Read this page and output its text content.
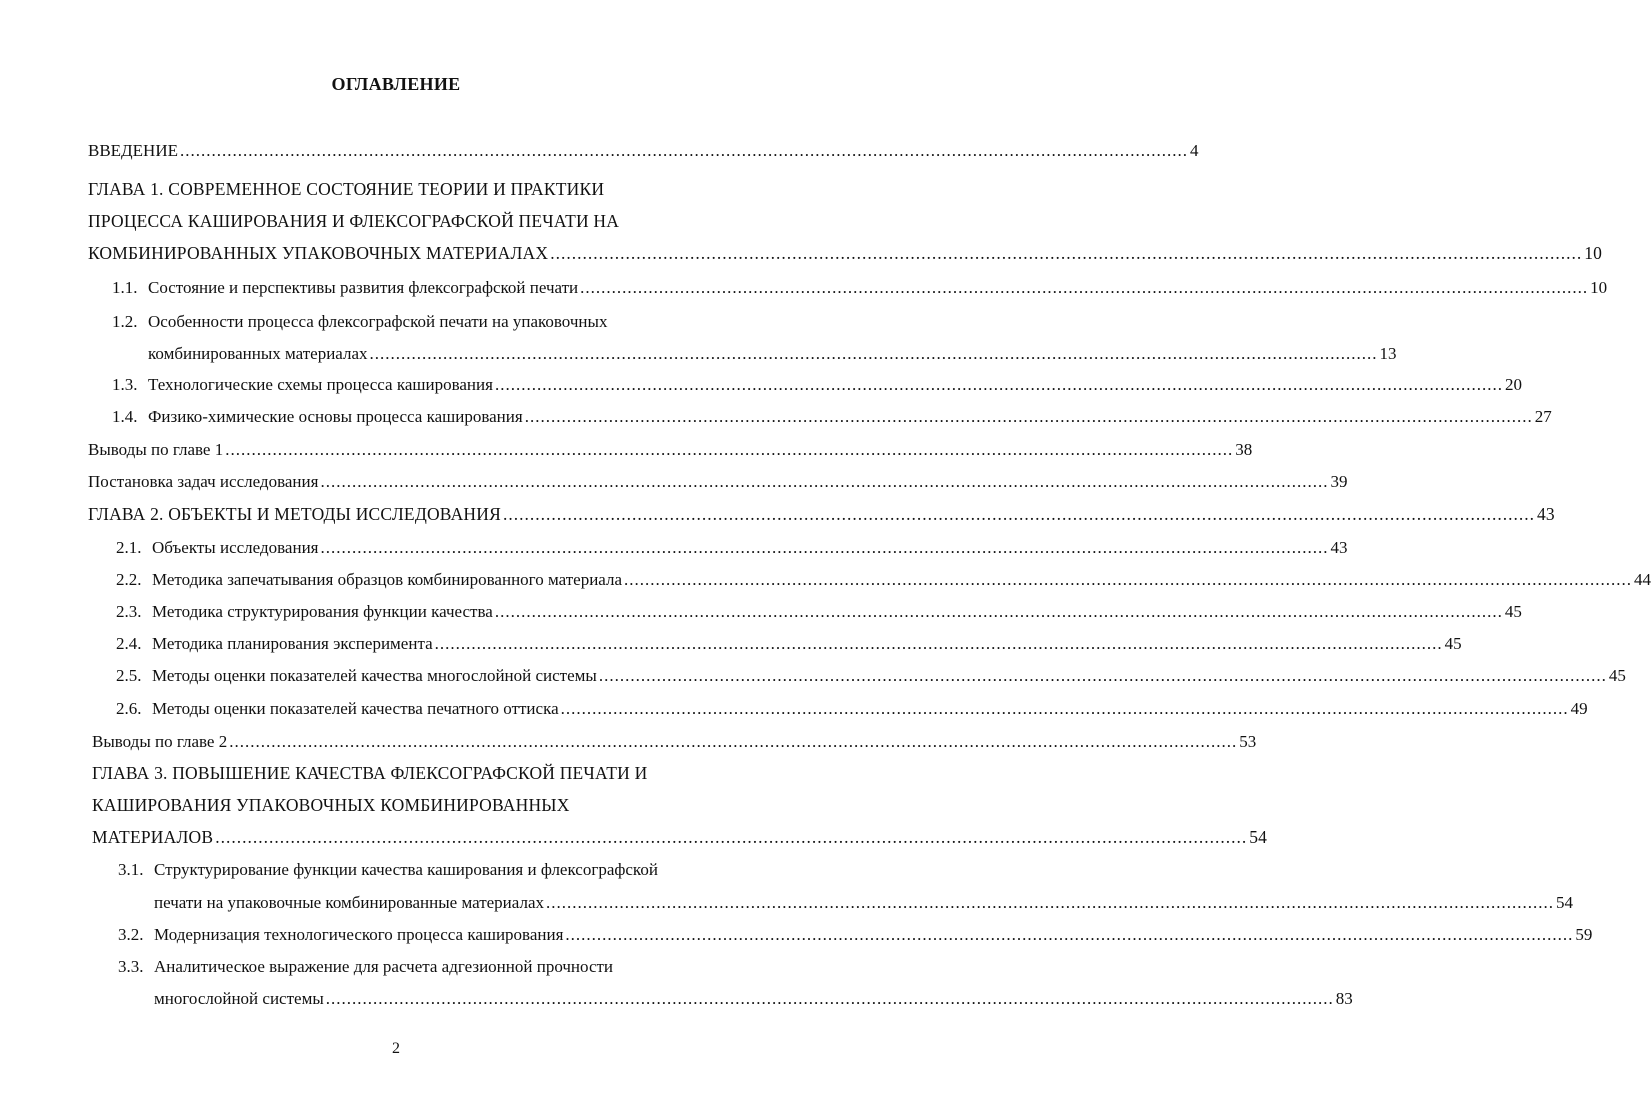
ОГЛАВЛЕНИЕ
ВВЕДЕНИЕ .....	4
ГЛАВА 1. СОВРЕМЕННОЕ СОСТОЯНИЕ ТЕОРИИ И ПРАКТИКИ
ПРОЦЕССА КАШИРОВАНИЯ И ФЛЕКСОГРАФСКОЙ ПЕЧАТИ НА
КОМБИНИРОВАННЫХ УПАКОВОЧНЫХ МАТЕРИАЛАХ .....	10
1.1. Состояние и перспективы развития флексографской печати .....	10
1.2. Особенности процесса флексографской печати на упаковочных
комбинированных материалах .....	13
1.3. Технологические схемы процесса каширования .....	20
1.4. Физико-химические основы процесса каширования .....	27
Выводы по главе 1 .....	38
Постановка задач исследования .....	39
ГЛАВА 2. ОБЪЕКТЫ И МЕТОДЫ ИССЛЕДОВАНИЯ .....	43
2.1. Объекты исследования .....	43
2.2. Методика запечатывания образцов комбинированного материала .....	44
2.3. Методика структурирования функции качества .....	45
2.4. Методика планирования эксперимента .....	45
2.5. Методы оценки показателей качества многослойной системы .....	45
2.6. Методы оценки показателей качества печатного оттиска .....	49
Выводы по главе 2 .....	53
ГЛАВА 3. ПОВЫШЕНИЕ КАЧЕСТВА ФЛЕКСОГРАФСКОЙ ПЕЧАТИ И
КАШИРОВАНИЯ УПАКОВОЧНЫХ КОМБИНИРОВАННЫХ
МАТЕРИАЛОВ .....	54
3.1. Структурирование функции качества каширования и флексографской
печати на упаковочные комбинированные материалах .....	54
3.2. Модернизация технологического процесса каширования .....	59
3.3. Аналитическое выражение для расчета адгезионной прочности
многослойной системы .....	83
2
